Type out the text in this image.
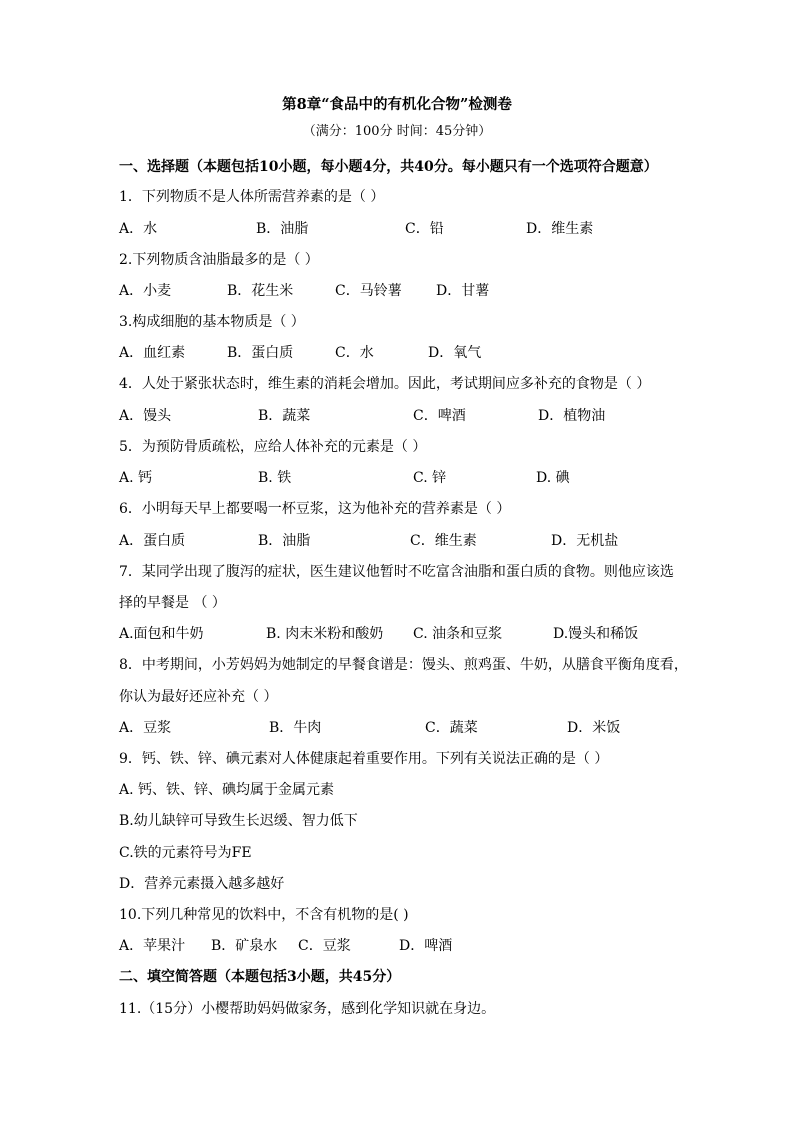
第8章“食品中的有机化合物”检测卷
（满分：100分 时间：45分钟）
一、选择题（本题包括10小题，每小题4分，共40分。每小题只有一个选项符合题意）
1．下列物质不是人体所需营养素的是（ ）
A．水	B．油脂	C．铅	D．维生素
2.下列物质含油脂最多的是（ ）
A．小麦	B．花生米	C．马铃薯 D．甘薯
3.构成细胞的基本物质是（ ）
A．血红素	B．蛋白质	C．水	D．氧气
4．人处于紧张状态时，维生素的消耗会增加。因此，考试期间应多补充的食物是（ ）
A．馒头	B．蔬菜	C．啤酒	D．植物油
5．为预防骨质疏松，应给人体补充的元素是（ ）
A. 钙	B. 铁	C. 锌	D. 碘
6．小明每天早上都要喝一杯豆浆，这为他补充的营养素是（ ）
A．蛋白质	B．油脂	C．维生素	D．无机盐
7．某同学出现了腹泻的症状，医生建议他暂时不吃富含油脂和蛋白质的食物。则他应该选
择的早餐是 （ ）
A.面包和牛奶	B. 肉末米粉和酸奶 C. 油条和豆浆	D.馒头和稀饭
8．中考期间，小芳妈妈为她制定的早餐食谱是：馒头、煎鸡蛋、牛奶，从膳食平衡角度看，
你认为最好还应补充（ ）
A．豆浆	B．牛肉	C．蔬菜	D．米饭
9．钙、铁、锌、碘元素对人体健康起着重要作用。下列有关说法正确的是（ ）
A. 钙、铁、锌、碘均属于金属元素
B.幼儿缺锌可导致生长迟缓、智力低下
C.铁的元素符号为FE
D．营养元素摄入越多越好
10.下列几种常见的饮料中，不含有机物的是( )
A．苹果汁 B．矿泉水 C．豆浆	D．啤酒
二、填空简答题（本题包括3小题，共45分）
11.（15分）小樱帮助妈妈做家务，感到化学知识就在身边。
